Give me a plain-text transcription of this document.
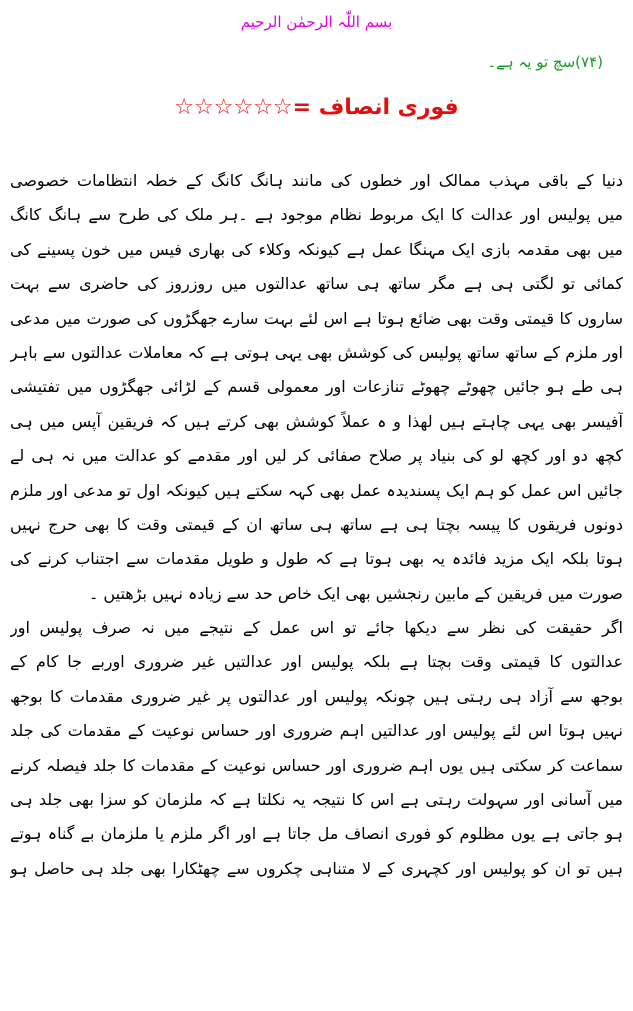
بسم اللّٰہ الرحمٰن الرحیم
(۷۴)سچ تو یہ ہے۔
فوری انصاف =☆☆☆☆☆☆
دنیا کے باقی مہذب ممالک اور خطوں کی مانند ہانگ کانگ کے خطہ انتظامات خصوصی
میں پولیس اور عدالت کا ایک مربوط نظام موجود ہے ۔ہر ملک کی طرح سے ہانگ کانگ
میں بھی مقدمہ بازی ایک مہنگا عمل ہے کیونکہ وکلاء کی بھاری فیس میں خون پسینے کی
کمائی تو لگتی ہی ہے مگر ساتھ ہی ساتھ عدالتوں میں روزروز کی حاضری سے بہت
ساروں کا قیمتی وقت بھی ضائع ہوتا ہے اس لئے بہت سارے جھگڑوں کی صورت میں مدعی
اور ملزم کے ساتھ ساتھ پولیس کی کوشش بھی یہی ہوتی ہے کہ معاملات عدالتوں سے باہر
ہی طے ہو جائیں چھوٹے چھوٹے تنازعات اور معمولی قسم کے لڑائی جھگڑوں میں تفتیشی
آفیسر بھی یہی چاہتے ہیں لھذا و ہ عملاً کوشش بھی کرتے ہیں کہ فریقین آپس میں ہی
کچھ دو اور کچھ لو کی بنیاد پر صلاح صفائی کر لیں اور مقدمے کو عدالت میں نہ ہی لے
جائیں اس عمل کو ہم ایک پسندیدہ عمل بھی کہہ سکتے ہیں کیونکہ اول تو مدعی اور ملزم
دونوں فریقوں کا پیسہ بچتا ہی ہے ساتھ ہی ساتھ ان کے قیمتی وقت کا بھی حرج نہیں
ہوتا بلکہ ایک مزید فائدہ یہ بھی ہوتا ہے کہ طول و طویل مقدمات سے اجتناب کرنے کی
صورت میں فریقین کے مابین رنجشیں بھی ایک خاص حد سے زیادہ نہیں بڑھتیں ۔
اگر حقیقت کی نظر سے دیکھا جائے تو اس عمل کے نتیجے میں نہ صرف پولیس اور
عدالتوں کا قیمتی وقت بچتا ہے بلکہ پولیس اور عدالتیں غیر ضروری اوربے جا کام کے
بوجھ سے آزاد ہی رہتی ہیں چونکہ پولیس اور عدالتوں پر غیر ضروری مقدمات کا بوجھ
نہیں ہوتا اس لئے پولیس اور عدالتیں اہم ضروری اور حساس نوعیت کے مقدمات کی جلد
سماعت کر سکتی ہیں یوں اہم ضروری اور حساس نوعیت کے مقدمات کا جلد فیصلہ کرنے
میں آسانی اور سہولت رہتی ہے اس کا نتیجہ یہ نکلتا ہے کہ ملزمان کو سزا بھی جلد ہی
ہو جاتی ہے یوں مظلوم کو فوری انصاف مل جاتا ہے اور اگر ملزم یا ملزمان بے گناہ ہوتے
ہیں تو ان کو پولیس اور کچہری کے لا متناہی چکروں سے چھٹکارا بھی جلد ہی حاصل ہو
